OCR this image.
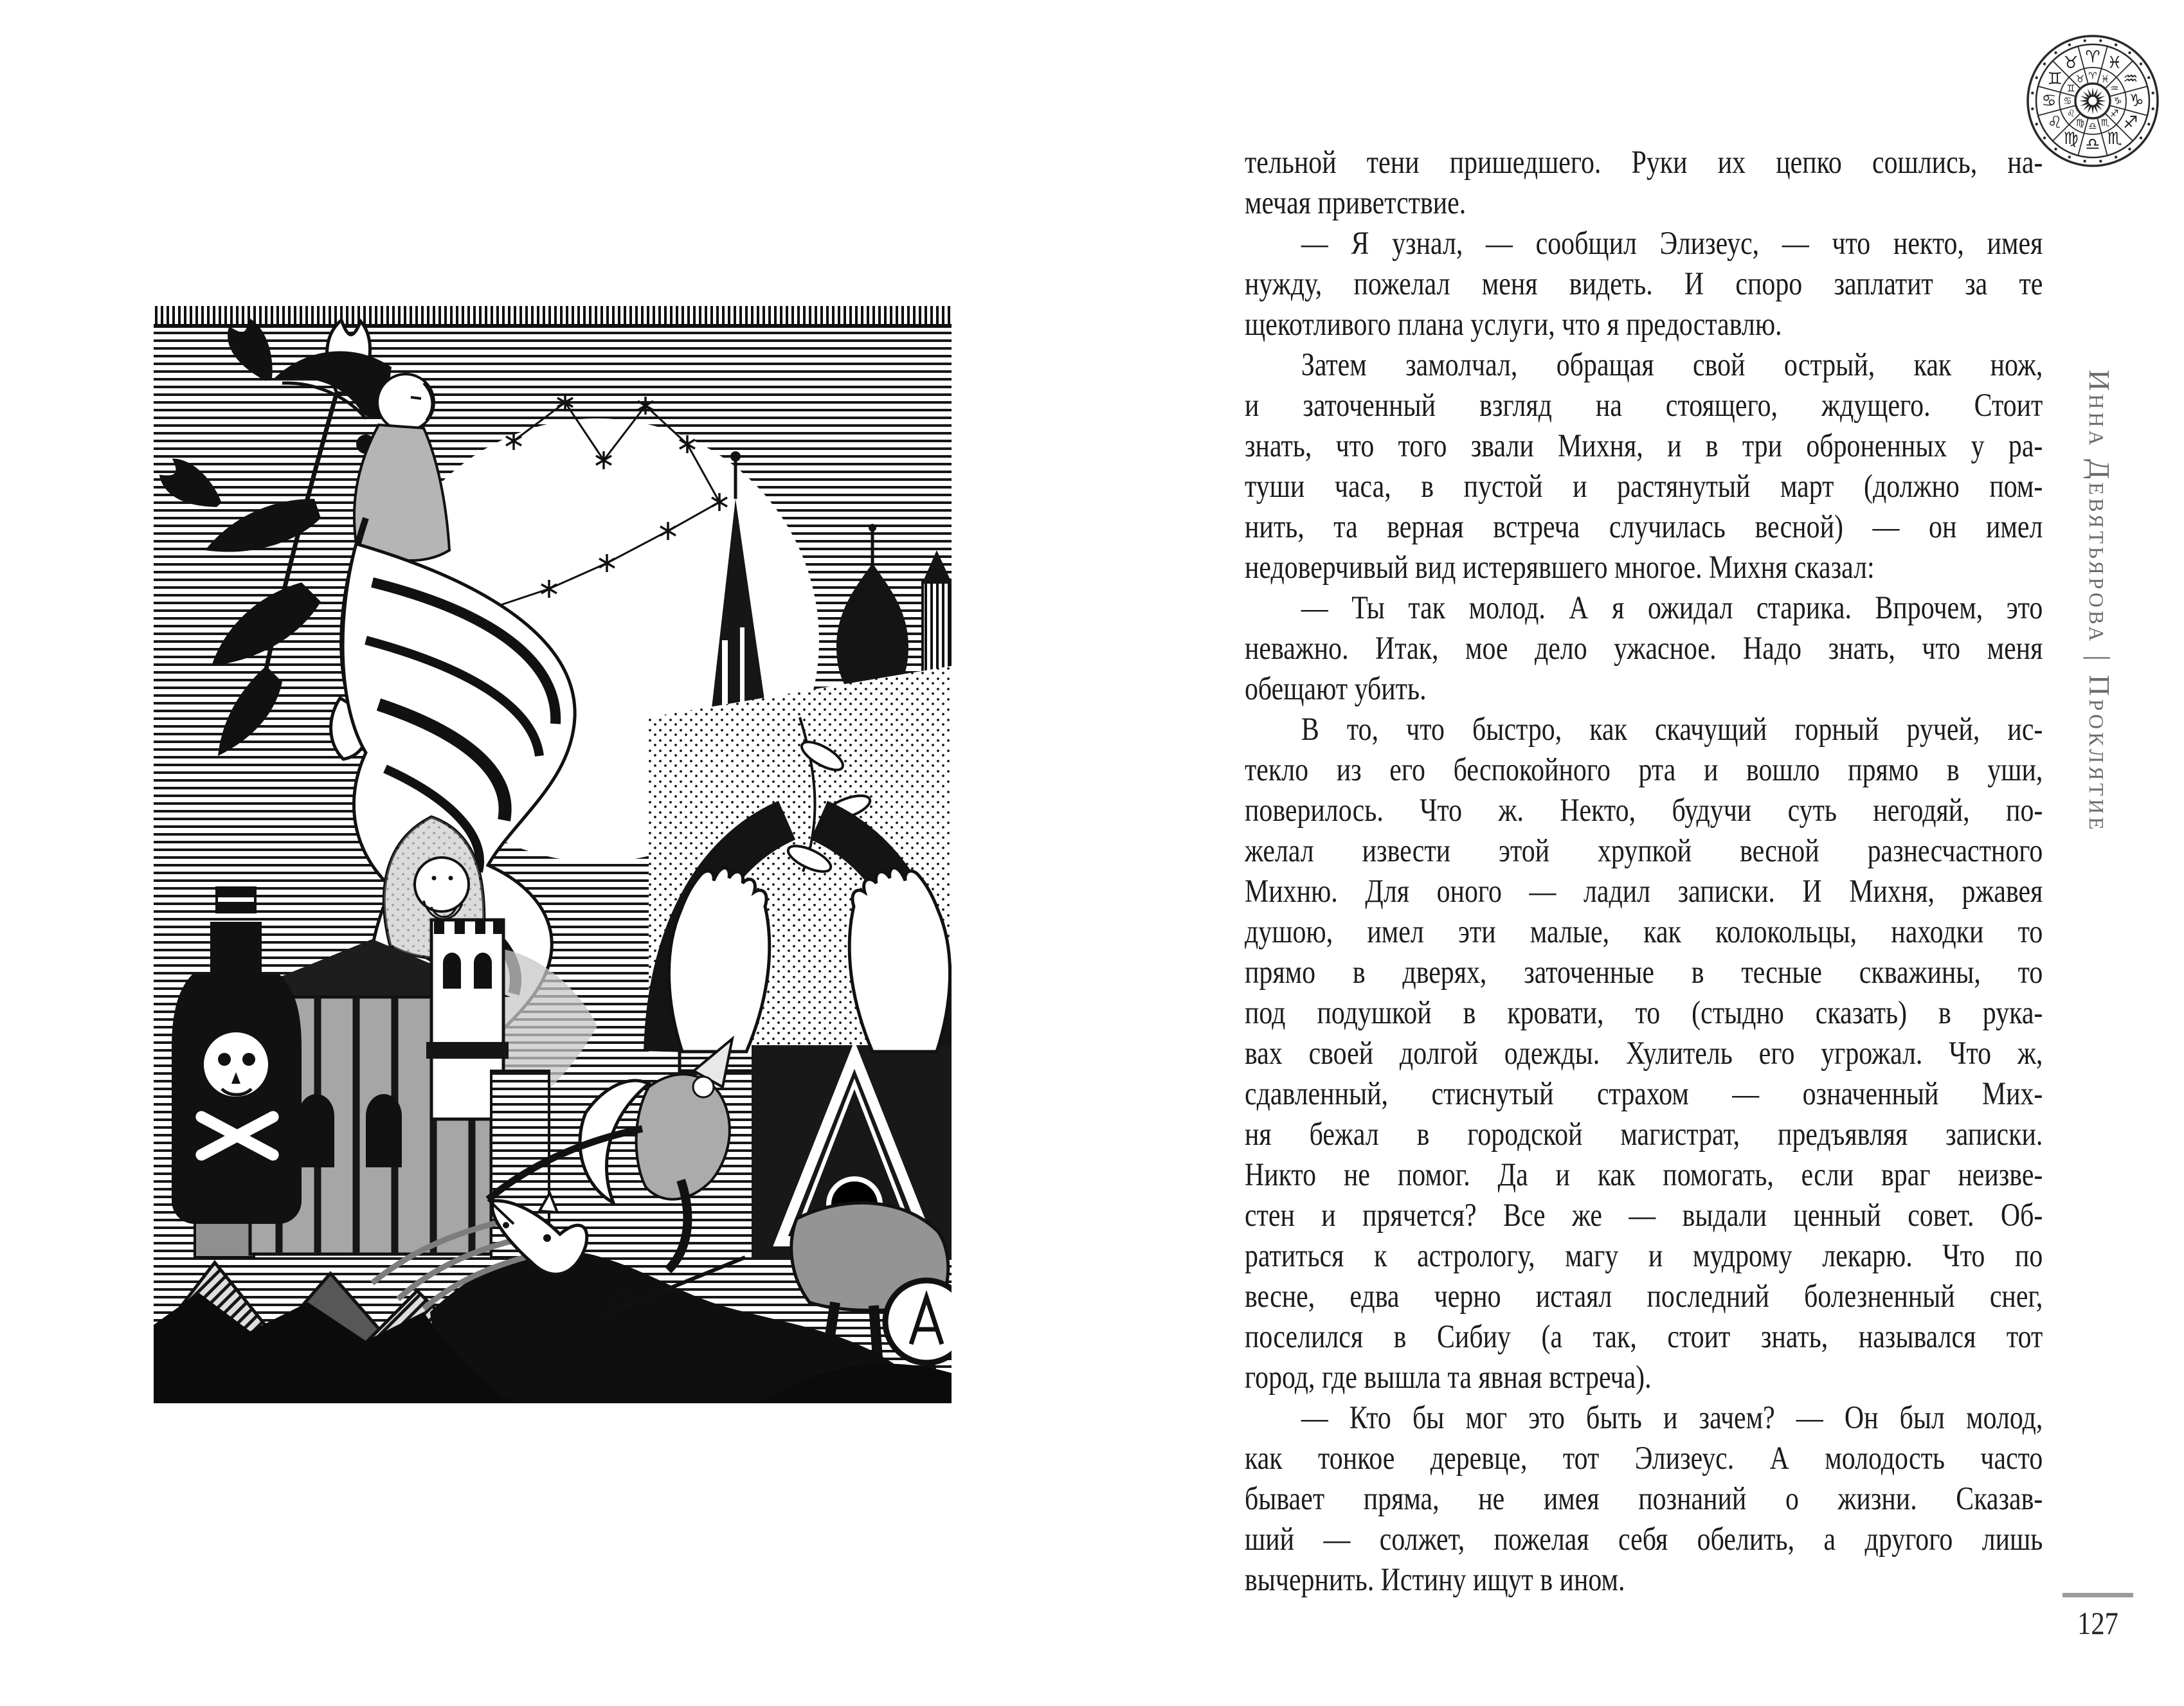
♈
♈
♓
♓ ♒
♒
♑
♑
♐
♐
♏
♏
♎
♎
♍
♍
♌ ♌
♋ ♋
♊ ♊
♉
♉
тельной тени пришедшего. Руки их цепко сошлись, на-
мечая приветствие.
— Я узнал, — сообщил Элизеус, — что некто, имея
нужду, пожелал меня видеть. И споро заплатит за те
щекотливого плана услуги, что я предоставлю.
Затем замолчал, обращая свой острый, как нож,
и заточенный взгляд на стоящего, ждущего. Стоит
знать, что того звали Михня, и в три оброненных у ра-
туши часа, в пустой и растянутый март (должно пом-
нить, та верная встреча случилась весной) — он имел
недоверчивый вид истерявшего многое. Михня сказал:
— Ты так молод. А я ожидал старика. Впрочем, это
неважно. Итак, мое дело ужасное. Надо знать, что меня
обещают убить.
В то, что быстро, как скачущий горный ручей, ис-
текло из его беспокойного рта и вошло прямо в уши,
поверилось. Что ж. Некто, будучи суть негодяй, по-
желал извести этой хрупкой весной разнесчастного
Михню. Для оного — ладил записки. И Михня, ржавея
душою, имел эти малые, как колокольцы, находки то
прямо в дверях, заточенные в тесные скважины, то
под подушкой в кровати, то (стыдно сказать) в рука-
вах своей долгой одежды. Хулитель его угрожал. Что ж,
сдавленный, стиснутый страхом — означенный Мих-
ня бежал в городской магистрат, предъявляя записки.
Никто не помог. Да и как помогать, если враг неизве-
стен и прячется? Все же — выдали ценный совет. Об-
ратиться к астрологу, магу и мудрому лекарю. Что по
весне, едва черно истаял последний болезненный снег,
поселился в Сибиу (а так, стоит знать, назывался тот
город, где вышла та явная встреча).
— Кто бы мог это быть и зачем? — Он был молод,
как тонкое деревце, тот Элизеус. А молодость часто
бывает пряма, не имея познаний о жизни. Сказав-
ший — солжет, пожелая себя обелить, а другого лишь
вычернить. Истину ищут в ином.
Инна Девятьярова | Проклятие
127
